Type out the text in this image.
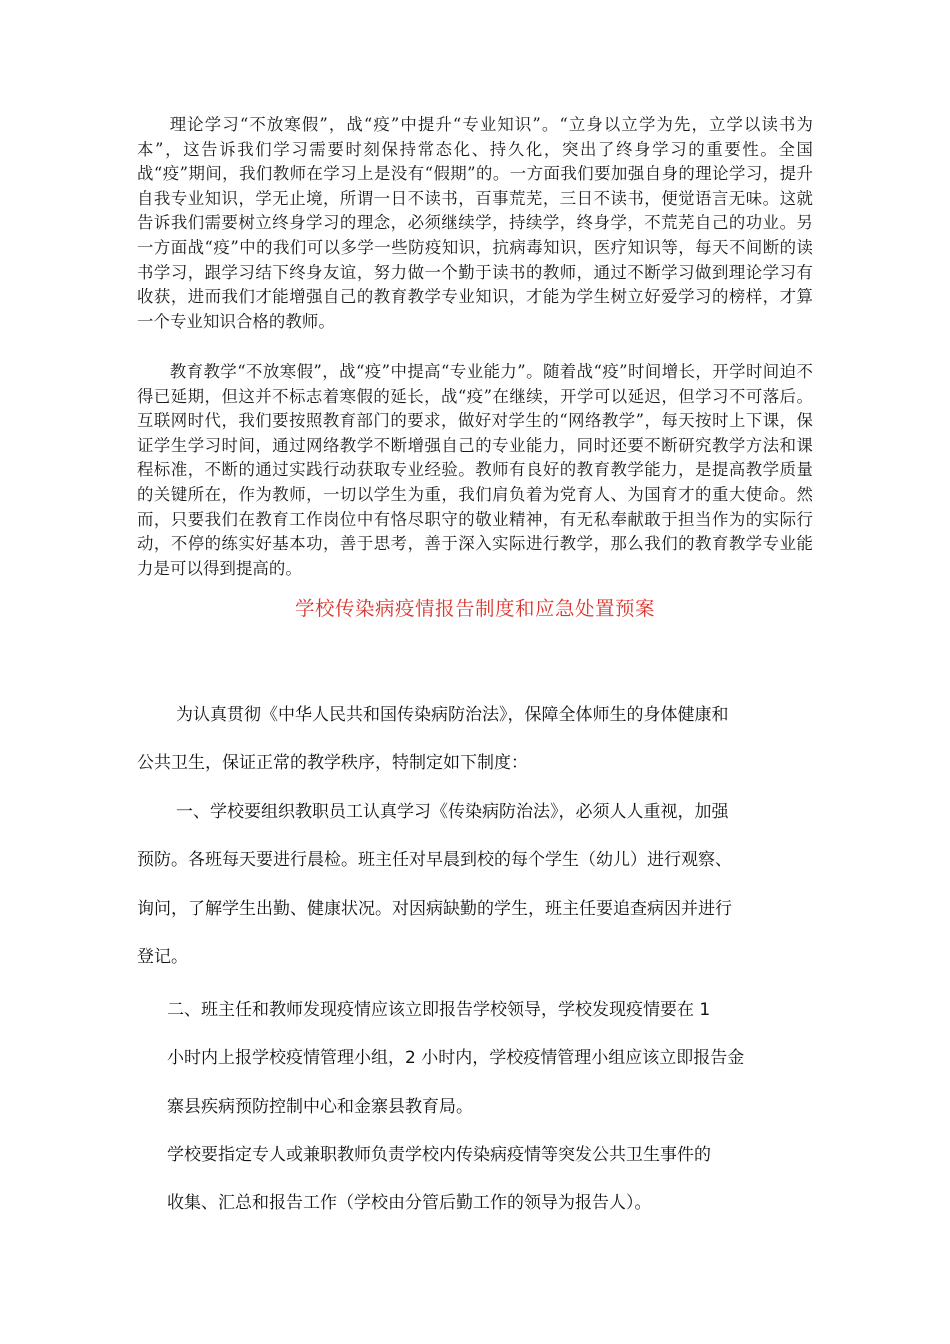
理论学习“不放寒假”，战“疫”中提升“专业知识”。“立身以立学为先，立学以读书为本”，这告诉我们学习需要时刻保持常态化、持久化，突出了终身学习的重要性。全国战“疫”期间，我们教师在学习上是没有“假期”的。一方面我们要加强自身的理论学习，提升自我专业知识，学无止境，所谓一日不读书，百事荒芜，三日不读书，便觉语言无味。这就告诉我们需要树立终身学习的理念，必须继续学，持续学，终身学，不荒芜自己的功业。另一方面战“疫”中的我们可以多学一些防疫知识，抗病毒知识，医疗知识等，每天不间断的读书学习，跟学习结下终身友谊，努力做一个勤于读书的教师，通过不断学习做到理论学习有收获，进而我们才能增强自己的教育教学专业知识，才能为学生树立好爱学习的榜样，才算一个专业知识合格的教师。

教育教学“不放寒假”，战“疫”中提高“专业能力”。随着战“疫”时间增长，开学时间迫不得已延期，但这并不标志着寒假的延长，战“疫”在继续，开学可以延迟，但学习不可落后。互联网时代，我们要按照教育部门的要求，做好对学生的“网络教学”，每天按时上下课，保证学生学习时间，通过网络教学不断增强自己的专业能力，同时还要不断研究教学方法和课程标准，不断的通过实践行动获取专业经验。教师有良好的教育教学能力，是提高教学质量的关键所在，作为教师，一切以学生为重，我们肩负着为党育人、为国育才的重大使命。然而，只要我们在教育工作岗位中有恪尽职守的敬业精神，有无私奉献敢于担当作为的实际行动，不停的练实好基本功，善于思考，善于深入实际进行教学，那么我们的教育教学专业能力是可以得到提高的。

学校传染病疫情报告制度和应急处置预案

为认真贯彻《中华人民共和国传染病防治法》，保障全体师生的身体健康和

公共卫生，保证正常的教学秩序，特制定如下制度：

一、学校要组织教职员工认真学习《传染病防治法》，必须人人重视，加强

预防。各班每天要进行晨检。班主任对早晨到校的每个学生（幼儿）进行观察、

询问，了解学生出勤、健康状况。对因病缺勤的学生，班主任要追查病因并进行

登记。

二、班主任和教师发现疫情应该立即报告学校领导，学校发现疫情要在 1

小时内上报学校疫情管理小组，2 小时内，学校疫情管理小组应该立即报告金

寨县疾病预防控制中心和金寨县教育局。

学校要指定专人或兼职教师负责学校内传染病疫情等突发公共卫生事件的

收集、汇总和报告工作（学校由分管后勤工作的领导为报告人）。
